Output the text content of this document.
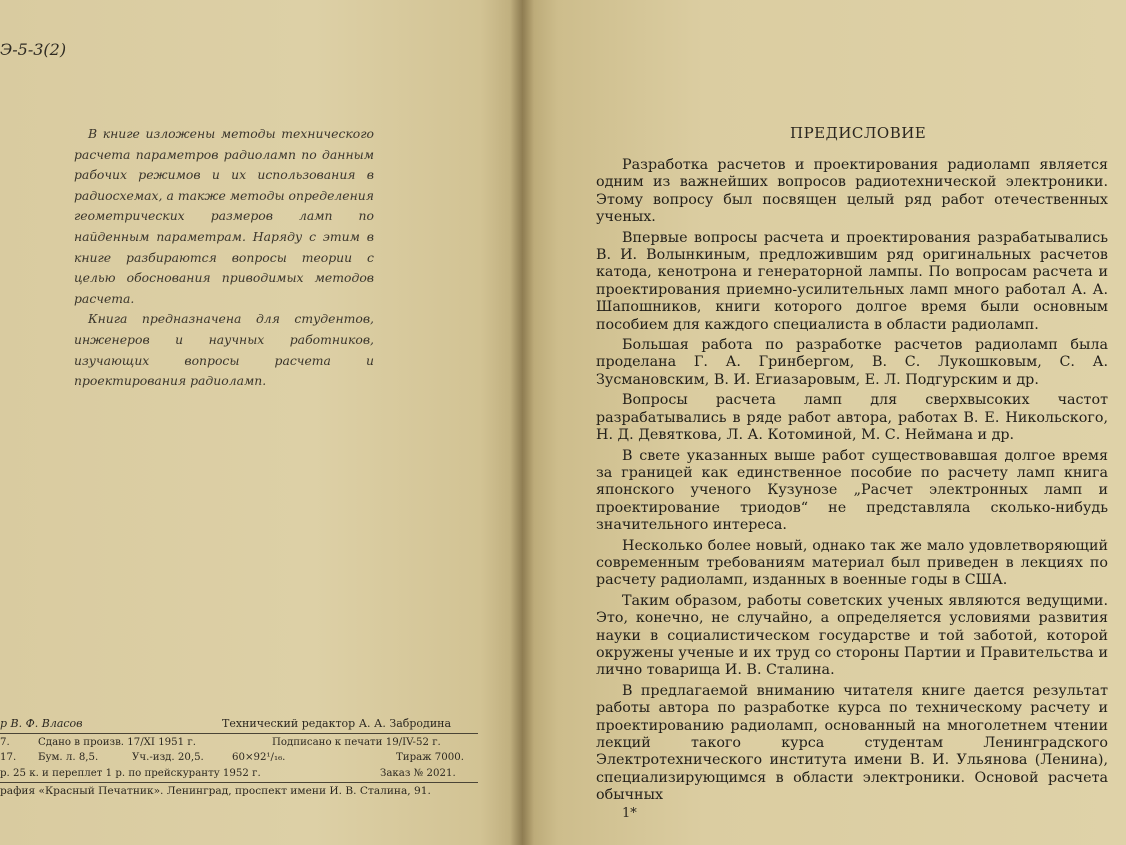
Э-5-3(2)

В книге изложены методы технического расчета параметров радиоламп по данным рабочих режимов и их использования в радиосхемах, а также методы определения геометрических размеров ламп по найденным параметрам. Наряду с этим в книге разбираются вопросы теории с целью обоснования приводимых методов расчета.

Книга предназначена для студентов, инженеров и научных работников, изучающих вопросы расчета и проектирования радиоламп.

р В. Ф. Власов	Технический редактор А. А. Забродина
7.	Сдано в произв. 17/XI 1951 г.	Подписано к печати 19/IV-52 г.
17. Бум. л. 8,5.	Уч.-изд. 20,5.	60×92¹/₁₆.	Тираж 7000.
р. 25 к. и переплет 1 р. по прейскуранту 1952 г.	Заказ № 2021.
рафия «Красный Печатник». Ленинград, проспект имени И. В. Сталина, 91.
ПРЕДИСЛОВИЕ

Разработка расчетов и проектирования радиоламп является одним из важнейших вопросов радиотехнической электроники. Этому вопросу был посвящен целый ряд работ отечественных ученых.

Впервые вопросы расчета и проектирования разрабатывались В. И. Волынкиным, предложившим ряд оригинальных расчетов катода, кенотрона и генераторной лампы. По вопросам расчета и проектирования приемно-усилительных ламп много работал А. А. Шапошников, книги которого долгое время были основным пособием для каждого специалиста в области радиоламп.

Большая работа по разработке расчетов радиоламп была проделана Г. А. Гринбергом, В. С. Лукошковым, С. А. Зусмановским, В. И. Егиазаровым, Е. Л. Подгурским и др.

Вопросы расчета ламп для сверхвысоких частот разрабатывались в ряде работ автора, работах В. Е. Никольского, Н. Д. Девяткова, Л. А. Котоминой, М. С. Неймана и др.

В свете указанных выше работ существовавшая долгое время за границей как единственное пособие по расчету ламп книга японского ученого Кузунозе „Расчет электронных ламп и проектирование триодов“ не представляла сколько-нибудь значительного интереса.

Несколько более новый, однако так же мало удовлетворяющий современным требованиям материал был приведен в лекциях по расчету радиоламп, изданных в военные годы в США.

Таким образом, работы советских ученых являются ведущими. Это, конечно, не случайно, а определяется условиями развития науки в социалистическом государстве и той заботой, которой окружены ученые и их труд со стороны Партии и Правительства и лично товарища И. В. Сталина.

В предлагаемой вниманию читателя книге дается результат работы автора по разработке курса по техническому расчету и проектированию радиоламп, основанный на многолетнем чтении лекций такого курса студентам Ленинградского Электротехнического института имени В. И. Ульянова (Ленина), специализирующимся в области электроники. Основой расчета обычных

1*
